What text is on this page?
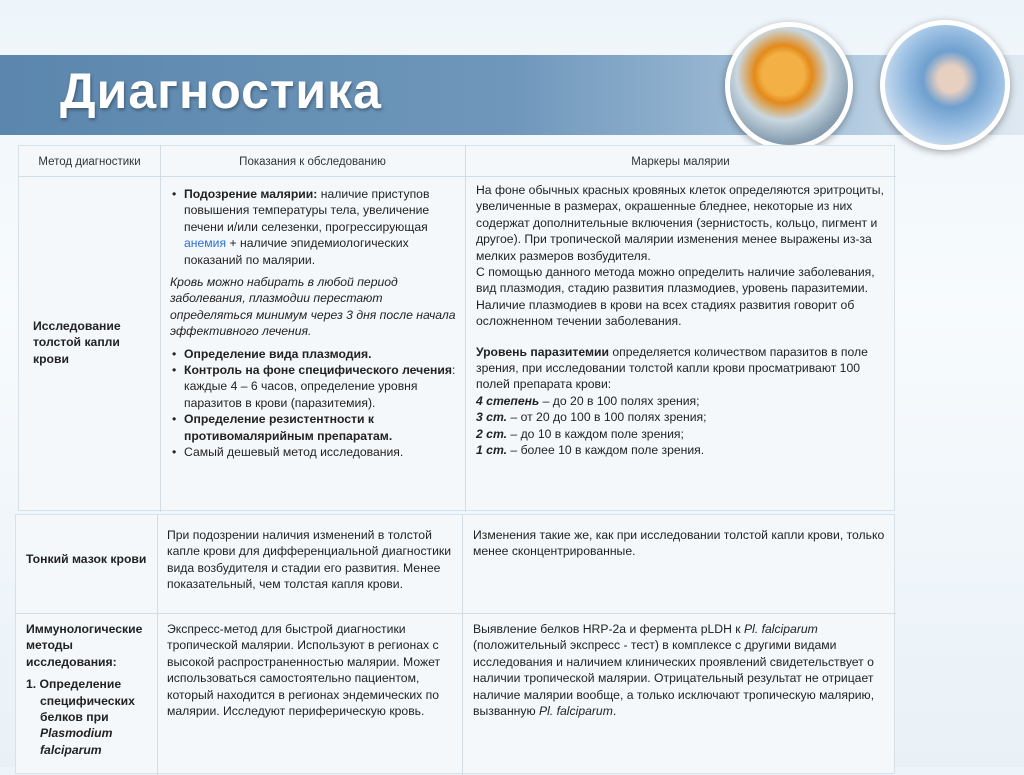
Диагностика
Метод диагностики	Показания к обследованию	Маркеры малярии
Исследование толстой капли крови
• Подозрение малярии: наличие приступов повышения температуры тела, увеличение печени и/или селезенки, прогрессирующая анемия + наличие эпидемиологических показаний по малярии.
Кровь можно набирать в любой период заболевания, плазмодии перестают определяться минимум через 3 дня после начала эффективного лечения.
• Определение вида плазмодия.
• Контроль на фоне специфического лечения: каждые 4 – 6 часов, определение уровня паразитов в крови (паразитемия).
• Определение резистентности к противомалярийным препаратам.
• Самый дешевый метод исследования.
На фоне обычных красных кровяных клеток определяются эритроциты, увеличенные в размерах, окрашенные бледнее, некоторые из них содержат дополнительные включения (зернистость, кольцо, пигмент и другое). При тропической малярии изменения менее выражены из-за мелких размеров возбудителя.
С помощью данного метода можно определить наличие заболевания, вид плазмодия, стадию развития плазмодиев, уровень паразитемии.
Наличие плазмодиев в крови на всех стадиях развития говорит об осложненном течении заболевания.
Уровень паразитемии определяется количеством паразитов в поле зрения, при исследовании толстой капли крови просматривают 100 полей препарата крови:
4 степень – до 20 в 100 полях зрения;
3 ст. – от 20 до 100 в 100 полях зрения;
2 ст. – до 10 в каждом поле зрения;
1 ст. – более 10 в каждом поле зрения.
Тонкий мазок крови
При подозрении наличия изменений в толстой капле крови для дифференциальной диагностики вида возбудителя и стадии его развития. Менее показательный, чем толстая капля крови.
Изменения такие же, как при исследовании толстой капли крови, только менее сконцентрированные.
Иммунологические методы исследования:
1. Определение специфических белков при Plasmodium falciparum
Экспресс-метод для быстрой диагностики тропической малярии. Используют в регионах с высокой распространенностью малярии. Может использоваться самостоятельно пациентом, который находится в регионах эндемических по малярии. Исследуют периферическую кровь.
Выявление белков HRP-2a и фермента pLDH к Pl. falciparum (положительный экспресс - тест) в комплексе с другими видами исследования и наличием клинических проявлений свидетельствует о наличии тропической малярии. Отрицательный результат не отрицает наличие малярии вообще, а только исключают тропическую малярию, вызванную Pl. falciparum.
